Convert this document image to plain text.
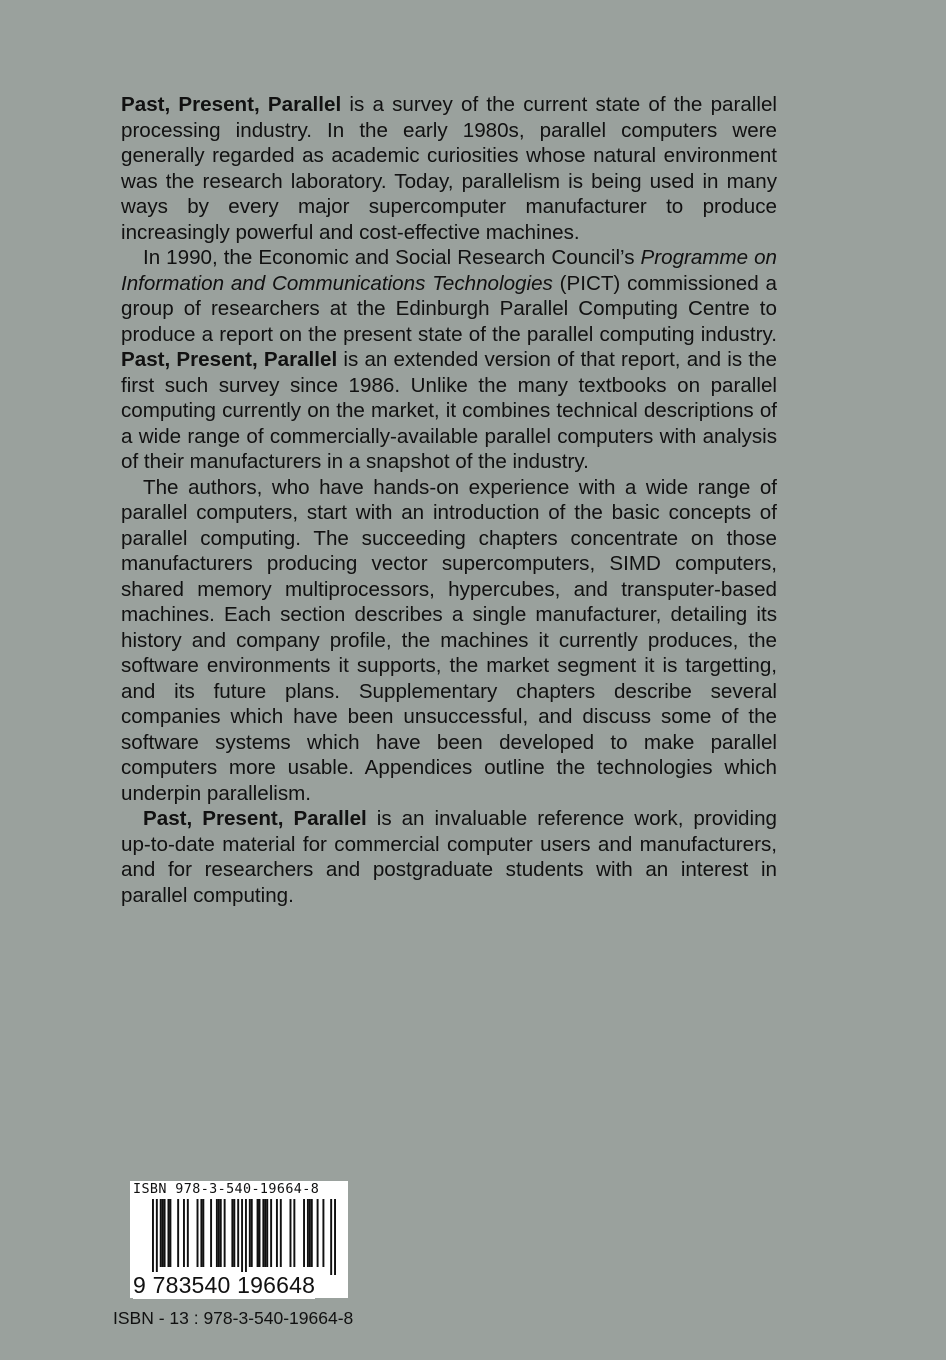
Past, Present, Parallel is a survey of the current state of the parallel processing industry. In the early 1980s, parallel computers were generally regarded as academic curiosities whose natural environment was the research laboratory. Today, parallelism is being used in many ways by every major supercomputer manufacturer to produce increasingly powerful and cost-effective machines.

In 1990, the Economic and Social Research Council’s Programme on Information and Communications Technologies (PICT) commissioned a group of researchers at the Edinburgh Parallel Computing Centre to produce a report on the present state of the parallel computing industry. Past, Present, Parallel is an extended version of that report, and is the first such survey since 1986. Unlike the many textbooks on parallel computing currently on the market, it combines technical descriptions of a wide range of commercially-available parallel computers with analysis of their manufacturers in a snapshot of the industry.

The authors, who have hands-on experience with a wide range of parallel computers, start with an introduction of the basic concepts of parallel computing. The succeeding chapters concentrate on those manufacturers producing vector supercomputers, SIMD computers, shared memory multiprocessors, hypercubes, and transputer-based machines. Each section describes a single manufacturer, detailing its history and company profile, the machines it currently produces, the software environments it supports, the market segment it is targetting, and its future plans. Supplementary chapters describe several companies which have been unsuccessful, and discuss some of the software systems which have been developed to make parallel computers more usable. Appendices outline the technologies which underpin parallelism.

Past, Present, Parallel is an invaluable reference work, providing up-to-date material for commercial computer users and manufacturers, and for researchers and postgraduate students with an interest in parallel computing.

ISBN 978-3-540-19664-8
9 783540 196648
ISBN - 13 : 978-3-540-19664-8
